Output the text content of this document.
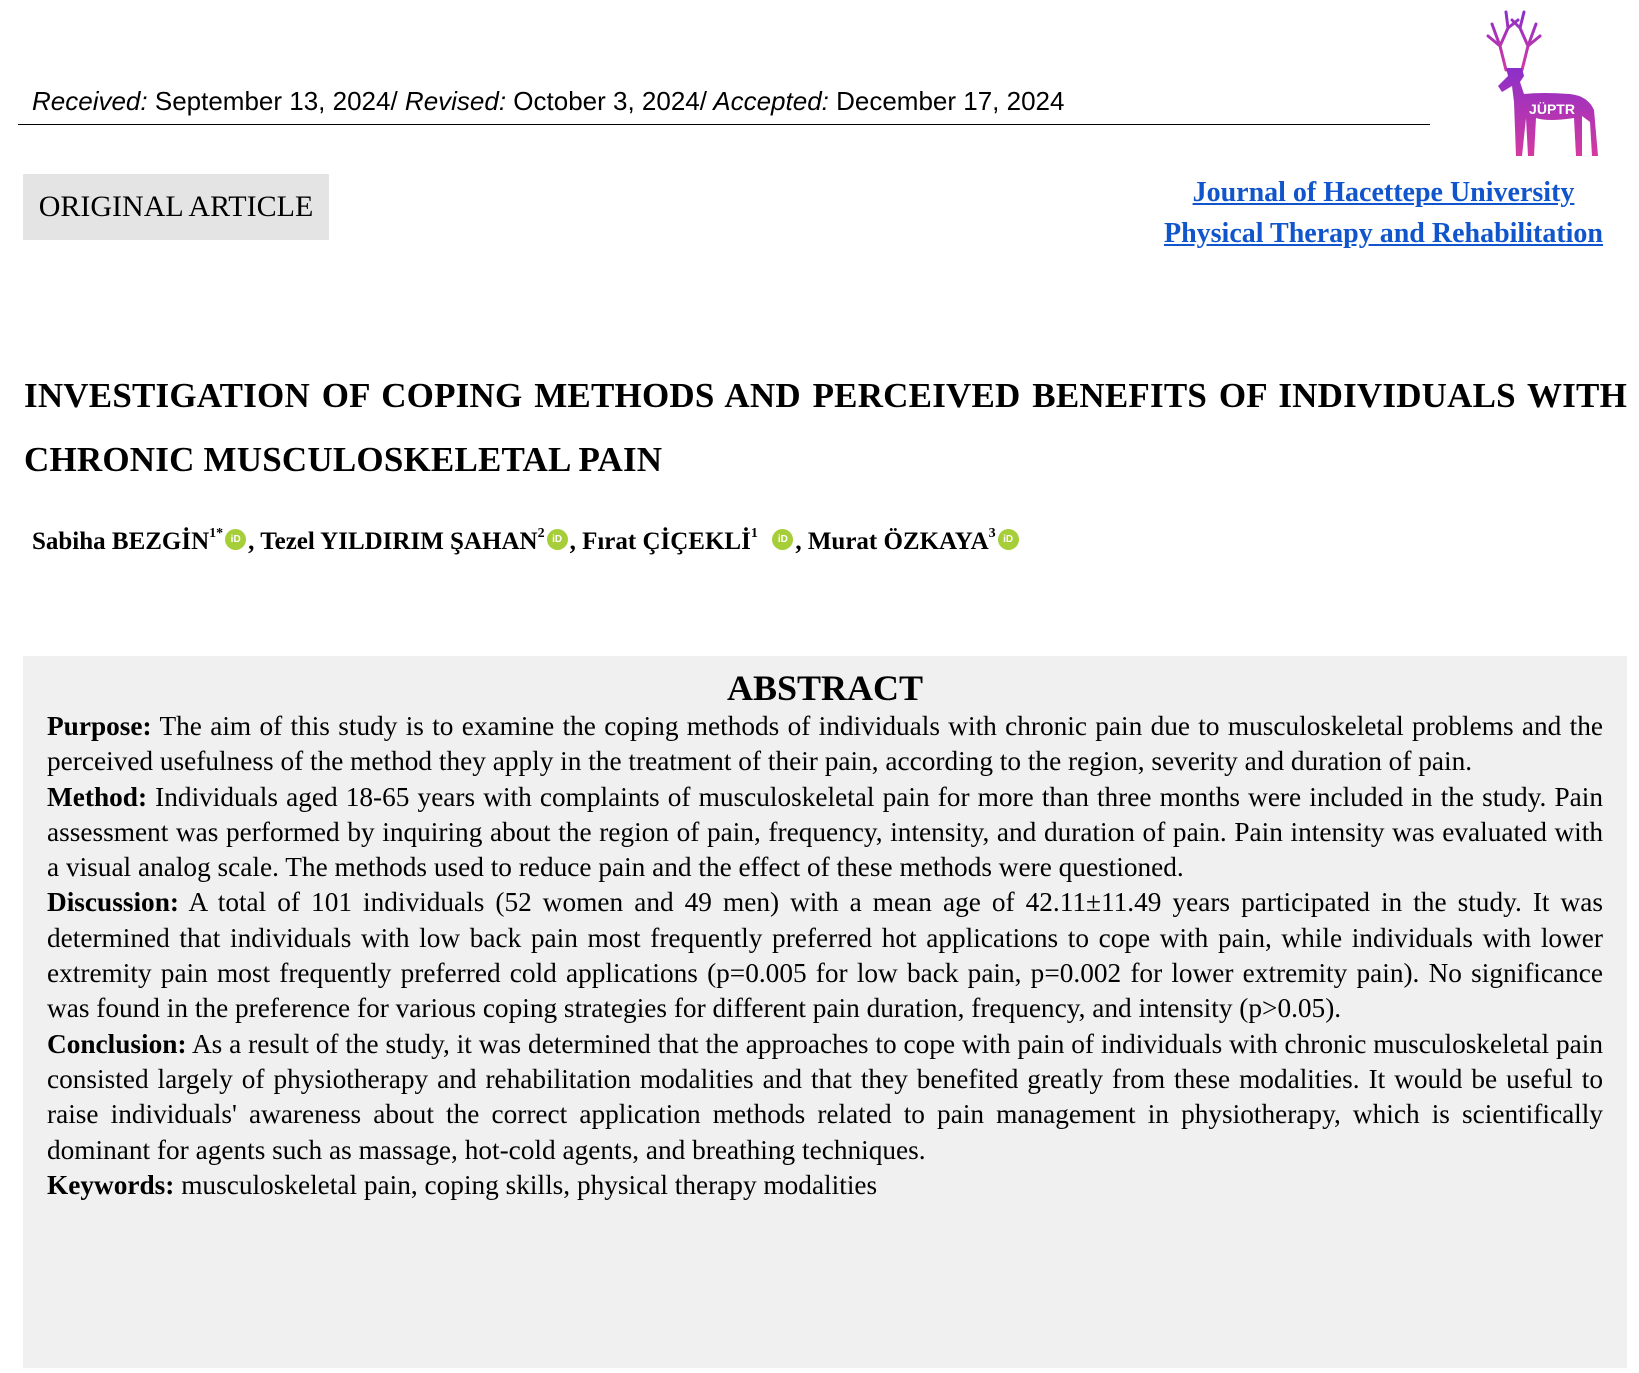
Received: September 13, 2024/ Revised: October 3, 2024/ Accepted: December 17, 2024	JÜPTR
ORIGINAL ARTICLE	Journal of Hacettepe University
Physical Therapy and Rehabilitation
INVESTIGATION OF COPING METHODS AND PERCEIVED BENEFITS OF INDIVIDUALS WITH CHRONIC MUSCULOSKELETAL PAIN
Sabiha $BEZGİN^{1*}$ iD , Tezel YILDIRIM ŞAHAN$^2$ iD , Fırat ÇİÇEKLİ$^1$ iD , Murat ÖZKAYA$^3$ iD
ABSTRACT

Purpose: The aim of this study is to examine the coping methods of individuals with chronic pain due to musculoskeletal problems and the perceived usefulness of the method they apply in the treatment of their pain, according to the region, severity and duration of pain.

Method: Individuals aged 18-65 years with complaints of musculoskeletal pain for more than three months were included in the study. Pain assessment was performed by inquiring about the region of pain, frequency, intensity, and duration of pain. Pain intensity was evaluated with a visual analog scale. The methods used to reduce pain and the effect of these methods were questioned.

Discussion: A total of 101 individuals (52 women and 49 men) with a mean age of 42.11±11.49 years participated in the study. It was determined that individuals with low back pain most frequently preferred hot applications to cope with pain, while individuals with lower extremity pain most frequently preferred cold applications (p=0.005 for low back pain, p=0.002 for lower extremity pain). No significance was found in the preference for various coping strategies for different pain duration, frequency, and intensity (p>0.05).

Conclusion: As a result of the study, it was determined that the approaches to cope with pain of individuals with chronic musculoskeletal pain consisted largely of physiotherapy and rehabilitation modalities and that they benefited greatly from these modalities. It would be useful to raise individuals' awareness about the correct application methods related to pain management in physiotherapy, which is scientifically dominant for agents such as massage, hot-cold agents, and breathing techniques.

Keywords: musculoskeletal pain, coping skills, physical therapy modalities
